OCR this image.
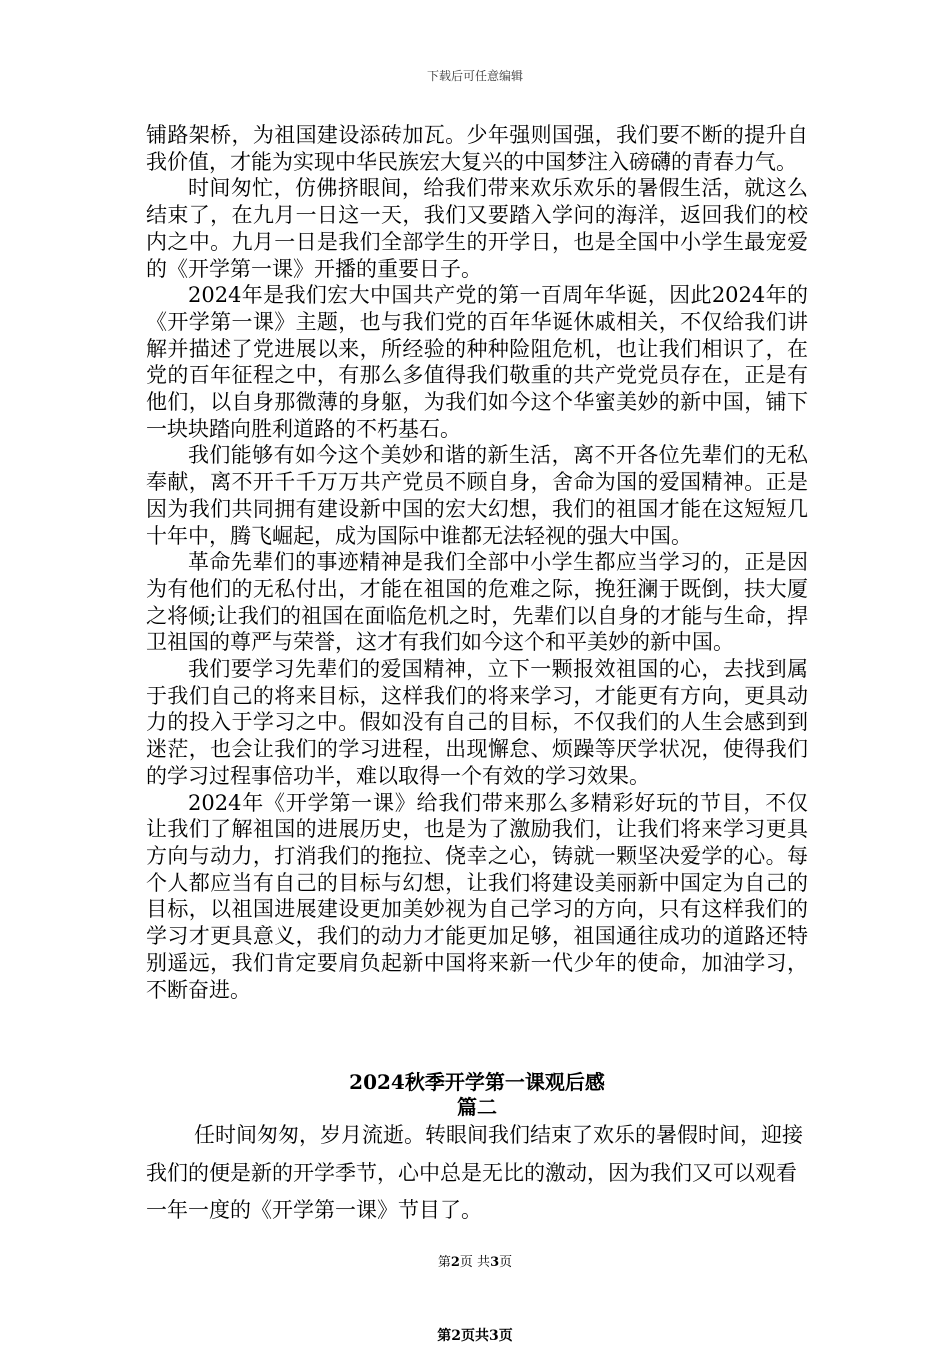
下载后可任意编辑

铺路架桥，为祖国建设添砖加瓦。少年强则国强，我们要不断的提升自我价值，才能为实现中华民族宏大复兴的中国梦注入磅礴的青春力气。

时间匆忙，仿佛挤眼间，给我们带来欢乐欢乐的暑假生活，就这么结束了，在九月一日这一天，我们又要踏入学问的海洋，返回我们的校内之中。九月一日是我们全部学生的开学日，也是全国中小学生最宠爱的《开学第一课》开播的重要日子。

2024年是我们宏大中国共产党的第一百周年华诞，因此2024年的《开学第一课》主题，也与我们党的百年华诞休戚相关，不仅给我们讲解并描述了党进展以来，所经验的种种险阻危机，也让我们相识了，在党的百年征程之中，有那么多值得我们敬重的共产党党员存在，正是有他们，以自身那微薄的身躯，为我们如今这个华蜜美妙的新中国，铺下一块块踏向胜利道路的不朽基石。

我们能够有如今这个美妙和谐的新生活，离不开各位先辈们的无私奉献，离不开千千万万共产党员不顾自身，舍命为国的爱国精神。正是因为我们共同拥有建设新中国的宏大幻想，我们的祖国才能在这短短几十年中，腾飞崛起，成为国际中谁都无法轻视的强大中国。

革命先辈们的事迹精神是我们全部中小学生都应当学习的，正是因为有他们的无私付出，才能在祖国的危难之际，挽狂澜于既倒，扶大厦之将倾;让我们的祖国在面临危机之时，先辈们以自身的才能与生命，捍卫祖国的尊严与荣誉，这才有我们如今这个和平美妙的新中国。

我们要学习先辈们的爱国精神，立下一颗报效祖国的心，去找到属于我们自己的将来目标，这样我们的将来学习，才能更有方向，更具动力的投入于学习之中。假如没有自己的目标，不仅我们的人生会感到到迷茫，也会让我们的学习进程，出现懈怠、烦躁等厌学状况，使得我们的学习过程事倍功半，难以取得一个有效的学习效果。

2024年《开学第一课》给我们带来那么多精彩好玩的节目，不仅让我们了解祖国的进展历史，也是为了激励我们，让我们将来学习更具方向与动力，打消我们的拖拉、侥幸之心，铸就一颗坚决爱学的心。每个人都应当有自己的目标与幻想，让我们将建设美丽新中国定为自己的目标，以祖国进展建设更加美妙视为自己学习的方向，只有这样我们的学习才更具意义，我们的动力才能更加足够，祖国通往成功的道路还特别遥远，我们肯定要肩负起新中国将来新一代少年的使命，加油学习，不断奋进。

2024秋季开学第一课观后感
篇二

任时间匆匆，岁月流逝。转眼间我们结束了欢乐的暑假时间，迎接我们的便是新的开学季节，心中总是无比的激动，因为我们又可以观看一年一度的《开学第一课》节目了。

第2页 共3页
第2页共3页
